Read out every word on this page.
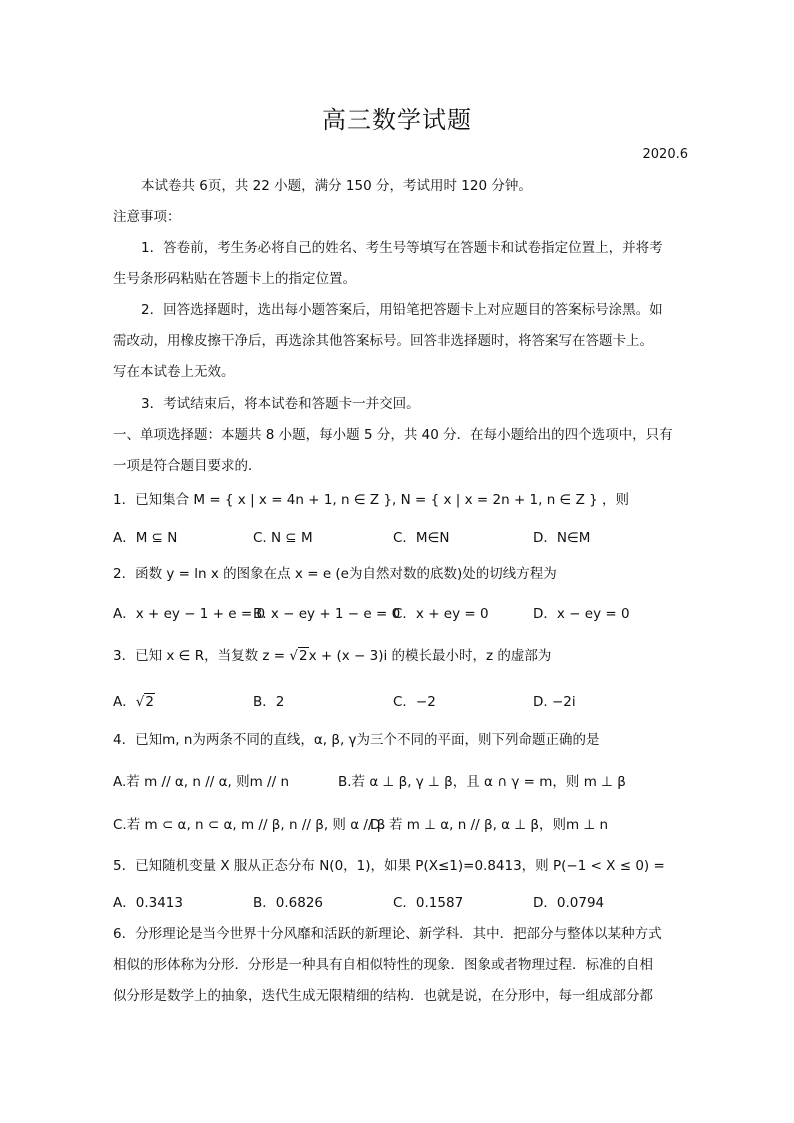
高三数学试题
2020.6
本试卷共 6页，共 22 小题，满分 150 分，考试用时 120 分钟。
注意事项：
1．答卷前，考生务必将自己的姓名、考生号等填写在答题卡和试卷指定位置上，并将考
生号条形码粘贴在答题卡上的指定位置。
2．回答选择题时，选出每小题答案后，用铅笔把答题卡上对应题目的答案标号涂黑。如
需改动，用橡皮擦干净后，再选涂其他答案标号。回答非选择题时，将答案写在答题卡上。
写在本试卷上无效。
3．考试结束后，将本试卷和答题卡一并交回。
一、单项选择题：本题共 8 小题，每小题 5 分，共 40 分．在每小题给出的四个选项中，只有
一项是符合题目要求的．
1．已知集合 M = { x | x = 4n + 1, n ∈ Z }, N = { x | x = 2n + 1, n ∈ Z } ，则
A．M ⊆ N	C. N ⊆ M	C．M∈N	D．N∈M
2．函数 y = ln x 的图象在点 x = e (e为自然对数的底数)处的切线方程为
A．x + ey − 1 + e = 0
B. x − ey + 1 − e = 0
C．x + ey = 0	D．x − ey = 0
3．已知 x ∈ R，当复数 z = √2x + (x − 3)i 的模长最小时，z 的虚部为
A．√2	B．2	C．−2	D. −2i
4．已知m, n为两条不同的直线，α, β, γ为三个不同的平面，则下列命题正确的是
A.若 m // α, n // α, 则m // n	B.若 α ⊥ β, γ ⊥ β，且 α ∩ γ = m，则 m ⊥ β
C.若 m ⊂ α, n ⊂ α, m // β, n // β, 则 α // β
D. 若 m ⊥ α, n // β, α ⊥ β，则m ⊥ n
5．已知随机变量 X 服从正态分布 N(0，1)，如果 P(X≤1)=0.8413，则 P(−1 < X ≤ 0) =
A．0.3413	B．0.6826	C．0.1587	D．0.0794
6．分形理论是当今世界十分风靡和活跃的新理论、新学科．其中．把部分与整体以某种方式
相似的形体称为分形．分形是一种具有自相似特性的现象．图象或者物理过程．标准的自相
似分形是数学上的抽象，迭代生成无限精细的结构．也就是说，在分形中，每一组成部分都
